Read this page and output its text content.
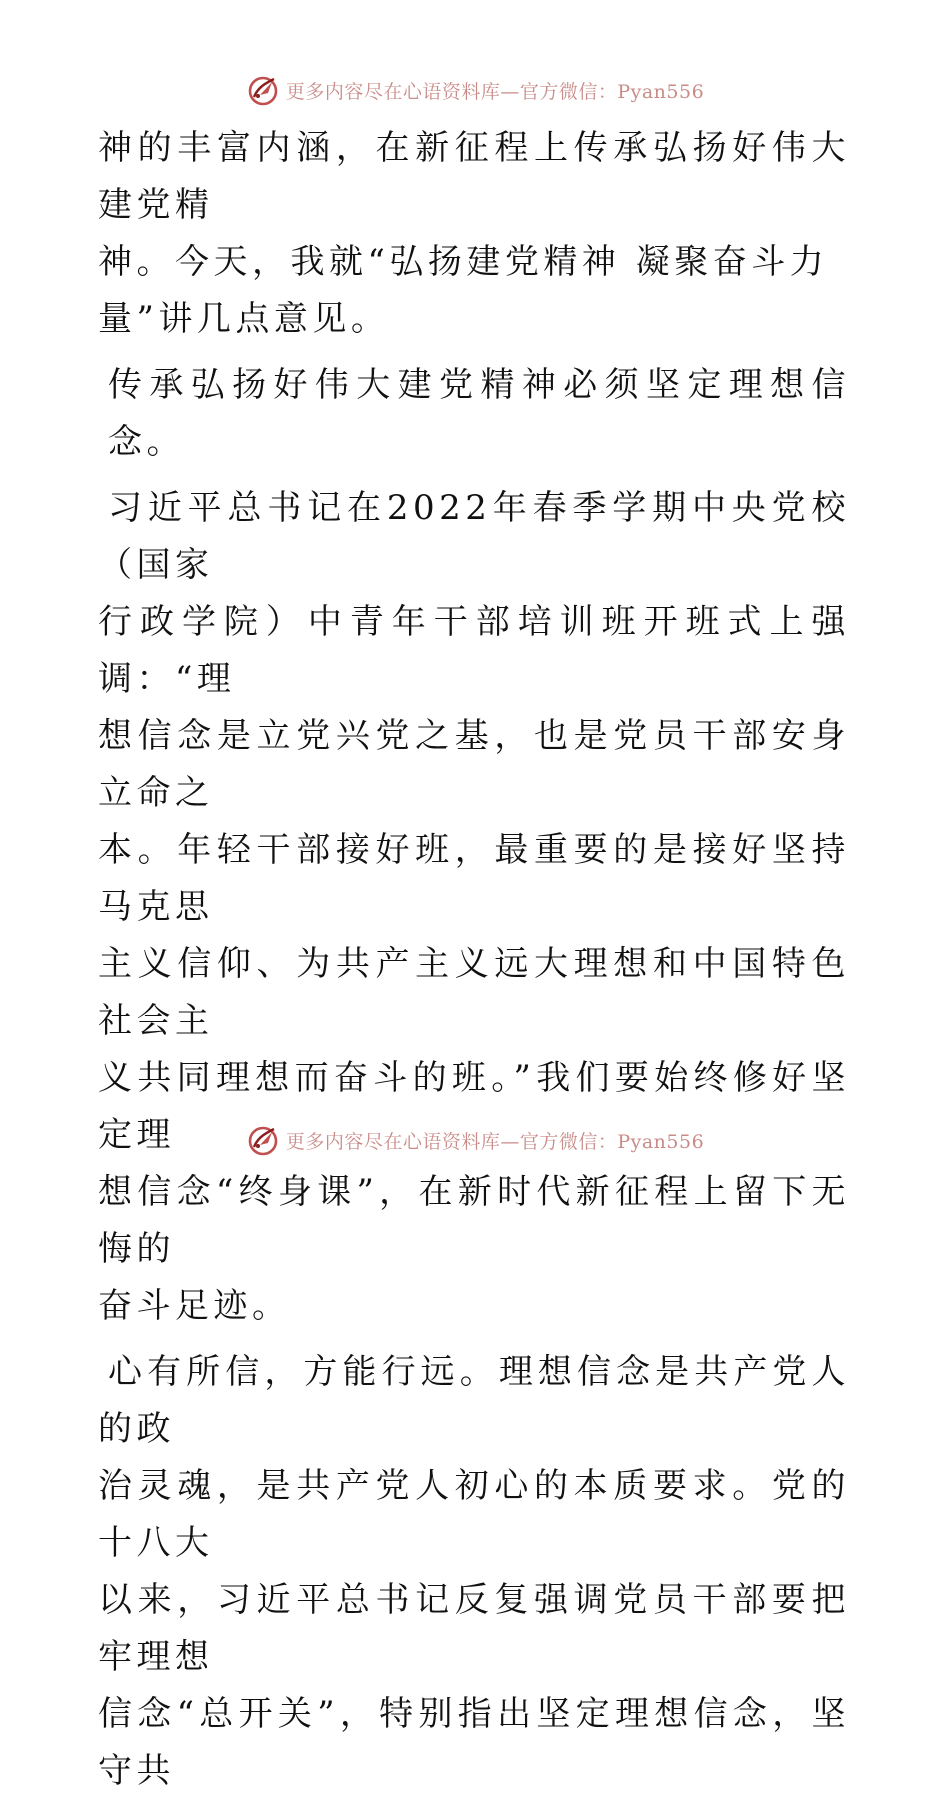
更多内容尽在心语资料库—官方微信：Pyan556

神的丰富内涵，在新征程上传承弘扬好伟大建党精
神。今天，我就“弘扬建党精神 凝聚奋斗力
量”讲几点意见。

传承弘扬好伟大建党精神必须坚定理想信念。

习近平总书记在2022年春季学期中央党校（国家
行政学院）中青年干部培训班开班式上强调：“理
想信念是立党兴党之基，也是党员干部安身立命之
本。年轻干部接好班，最重要的是接好坚持马克思
主义信仰、为共产主义远大理想和中国特色社会主
义共同理想而奋斗的班。”我们要始终修好坚定理
想信念“终身课”，在新时代新征程上留下无悔的
奋斗足迹。

心有所信，方能行远。理想信念是共产党人的政
治灵魂，是共产党人初心的本质要求。党的十八大
以来，习近平总书记反复强调党员干部要把牢理想
信念“总开关”，特别指出坚定理想信念，坚守共

更多内容尽在心语资料库—官方微信：Pyan556
